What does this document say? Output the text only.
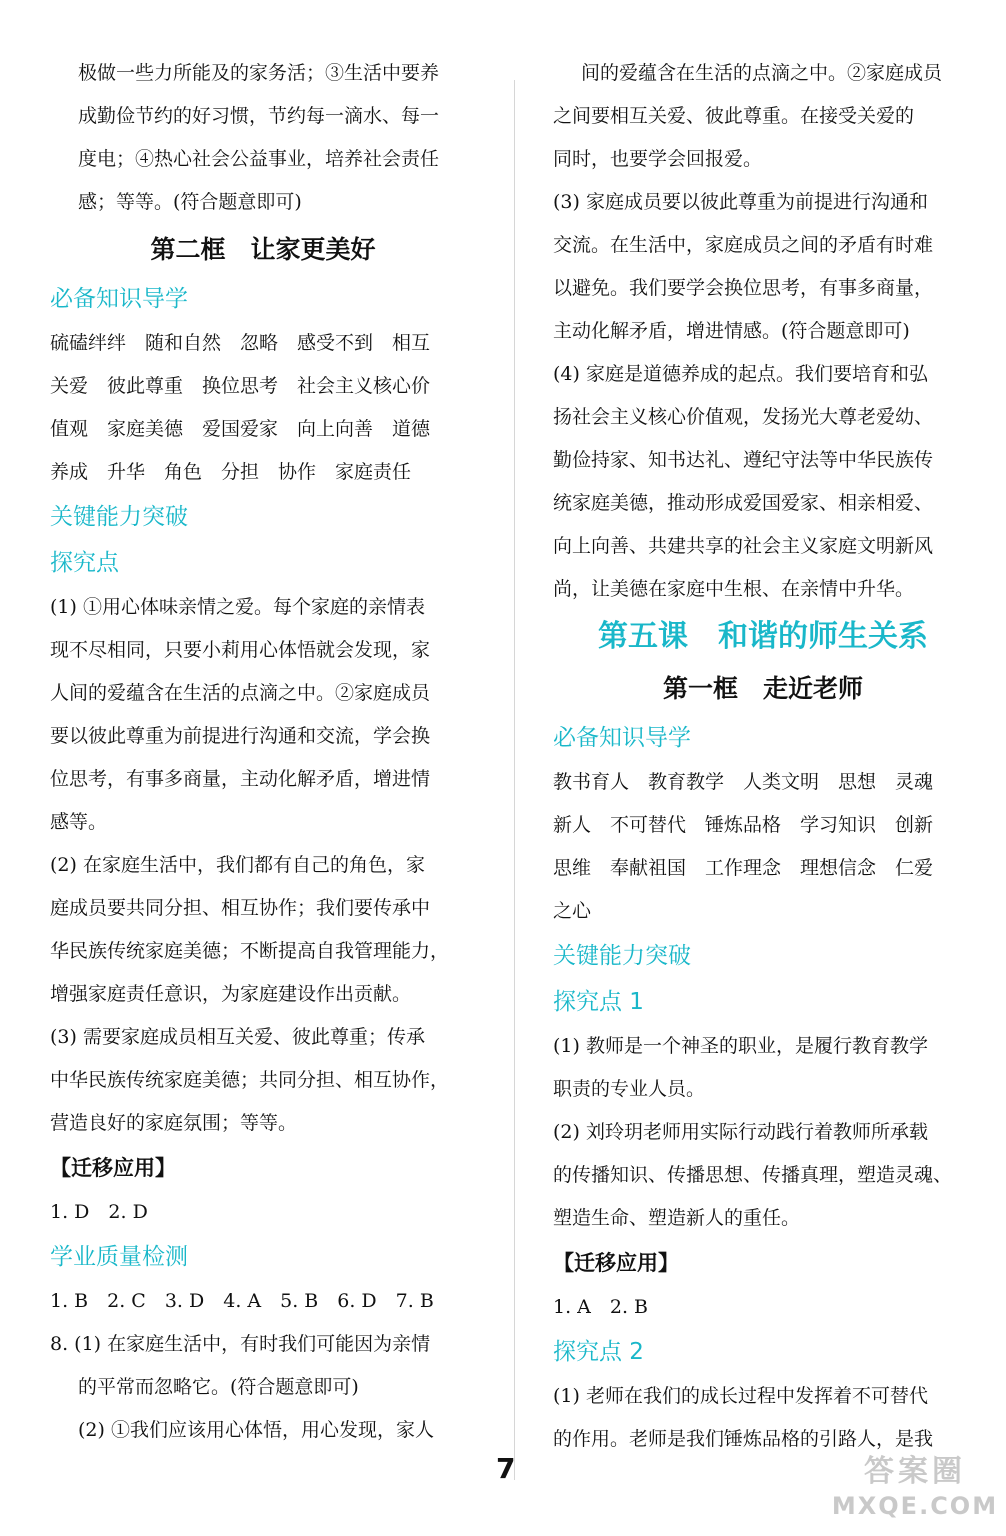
极做一些力所能及的家务活；③生活中要养

成勤俭节约的好习惯，节约每一滴水、每一

度电；④热心社会公益事业，培养社会责任

感；等等。(符合题意即可)

第二框　让家更美好

必备知识导学

硫磕绊绊　随和自然　忽略　感受不到　相互

关爱　彼此尊重　换位思考　社会主义核心价

值观　家庭美德　爱国爱家　向上向善　道德

养成　升华　角色　分担　协作　家庭责任

关键能力突破

探究点

(1) ①用心体味亲情之爱。每个家庭的亲情表

现不尽相同，只要小莉用心体悟就会发现，家

人间的爱蕴含在生活的点滴之中。②家庭成员

要以彼此尊重为前提进行沟通和交流，学会换

位思考，有事多商量，主动化解矛盾，增进情

感等。

(2) 在家庭生活中，我们都有自己的角色，家

庭成员要共同分担、相互协作；我们要传承中

华民族传统家庭美德；不断提高自我管理能力，

增强家庭责任意识，为家庭建设作出贡献。

(3) 需要家庭成员相互关爱、彼此尊重；传承

中华民族传统家庭美德；共同分担、相互协作，

营造良好的家庭氛围；等等。

【迁移应用】

1. D　2. D

学业质量检测

1. B　2. C　3. D　4. A　5. B　6. D　7. B

8. (1) 在家庭生活中，有时我们可能因为亲情

的平常而忽略它。(符合题意即可)

(2) ①我们应该用心体悟，用心发现，家人

间的爱蕴含在生活的点滴之中。②家庭成员

之间要相互关爱、彼此尊重。在接受关爱的

同时，也要学会回报爱。

(3) 家庭成员要以彼此尊重为前提进行沟通和

交流。在生活中，家庭成员之间的矛盾有时难

以避免。我们要学会换位思考，有事多商量，

主动化解矛盾，增进情感。(符合题意即可)

(4) 家庭是道德养成的起点。我们要培育和弘

扬社会主义核心价值观，发扬光大尊老爱幼、

勤俭持家、知书达礼、遵纪守法等中华民族传

统家庭美德，推动形成爱国爱家、相亲相爱、

向上向善、共建共享的社会主义家庭文明新风

尚，让美德在家庭中生根、在亲情中升华。

第五课　和谐的师生关系

第一框　走近老师

必备知识导学

教书育人　教育教学　人类文明　思想　灵魂

新人　不可替代　锤炼品格　学习知识　创新

思维　奉献祖国　工作理念　理想信念　仁爱

之心

关键能力突破

探究点 1

(1) 教师是一个神圣的职业，是履行教育教学

职责的专业人员。

(2) 刘玲玥老师用实际行动践行着教师所承载

的传播知识、传播思想、传播真理，塑造灵魂、

塑造生命、塑造新人的重任。

【迁移应用】

1. A　2. B

探究点 2

(1) 老师在我们的成长过程中发挥着不可替代

的作用。老师是我们锤炼品格的引路人，是我

7	答案圈
MXQE.COM
